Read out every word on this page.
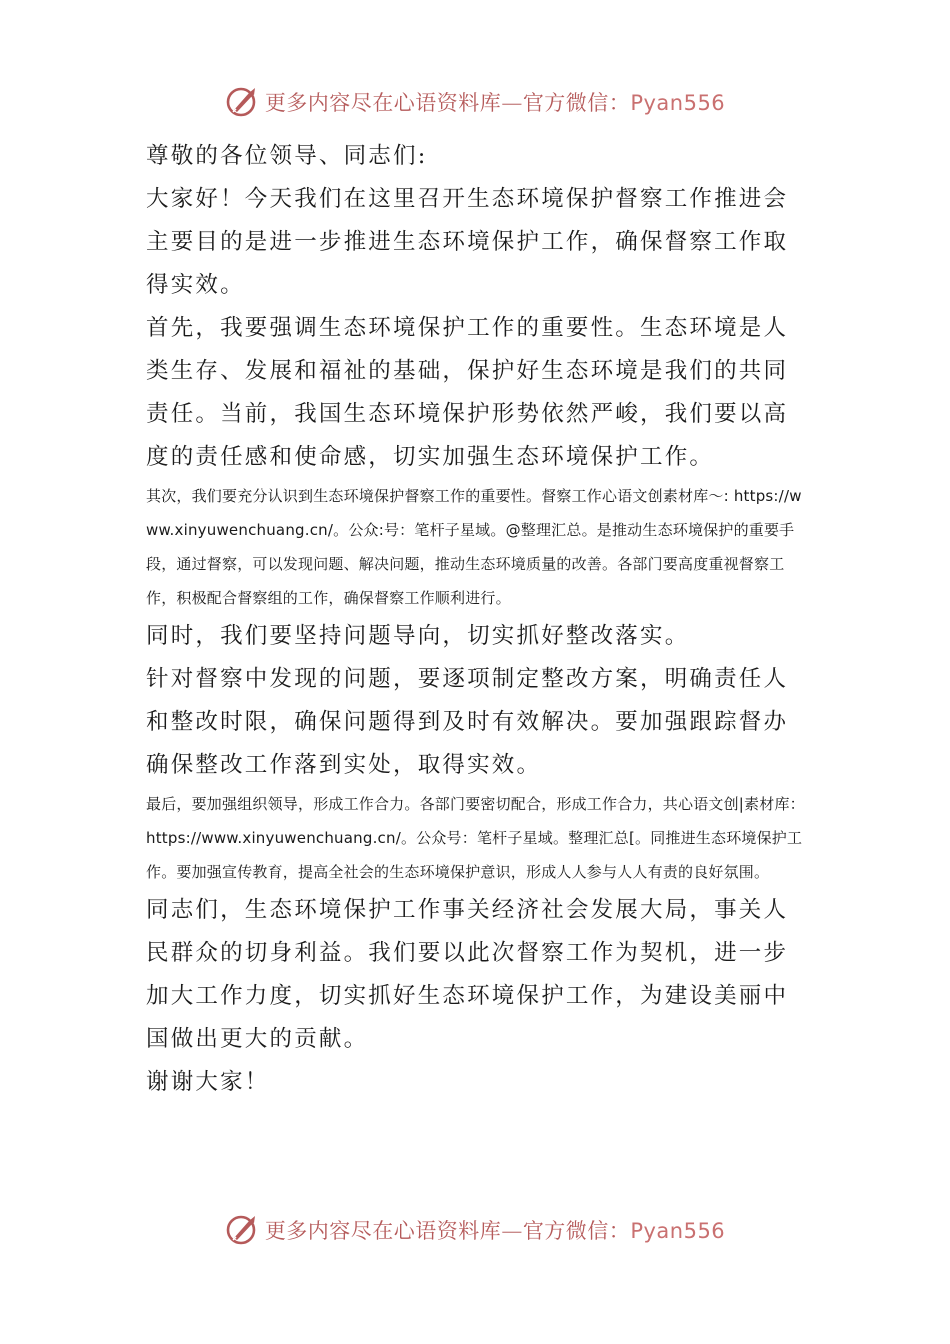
更多内容尽在心语资料库—官方微信：Pyan556

尊敬的各位领导、同志们:

大家好！今天我们在这里召开生态环境保护督察工作推进会主要目的是进一步推进生态环境保护工作，确保督察工作取得实效。

首先，我要强调生态环境保护工作的重要性。生态环境是人类生存、发展和福祉的基础，保护好生态环境是我们的共同责任。当前，我国生态环境保护形势依然严峻，我们要以高度的责任感和使命感，切实加强生态环境保护工作。

其次，我们要充分认识到生态环境保护督察工作的重要性。督察工作心语文创素材库～: https://www.xinyuwenchuang.cn/。公众:号：笔杆子星域。@整理汇总。是推动生态环境保护的重要手段，通过督察，可以发现问题、解决问题，推动生态环境质量的改善。各部门要高度重视督察工作，积极配合督察组的工作，确保督察工作顺利进行。

同时，我们要坚持问题导向，切实抓好整改落实。

针对督察中发现的问题，要逐项制定整改方案，明确责任人和整改时限，确保问题得到及时有效解决。要加强跟踪督办确保整改工作落到实处，取得实效。

最后，要加强组织领导，形成工作合力。各部门要密切配合，形成工作合力，共心语文创|素材库：https://www.xinyuwenchuang.cn/。公众号：笔杆子星域。整理汇总[。同推进生态环境保护工作。要加强宣传教育，提高全社会的生态环境保护意识，形成人人参与人人有责的良好氛围。

同志们，生态环境保护工作事关经济社会发展大局，事关人民群众的切身利益。我们要以此次督察工作为契机，进一步加大工作力度，切实抓好生态环境保护工作，为建设美丽中国做出更大的贡献。

谢谢大家！

更多内容尽在心语资料库—官方微信：Pyan556
